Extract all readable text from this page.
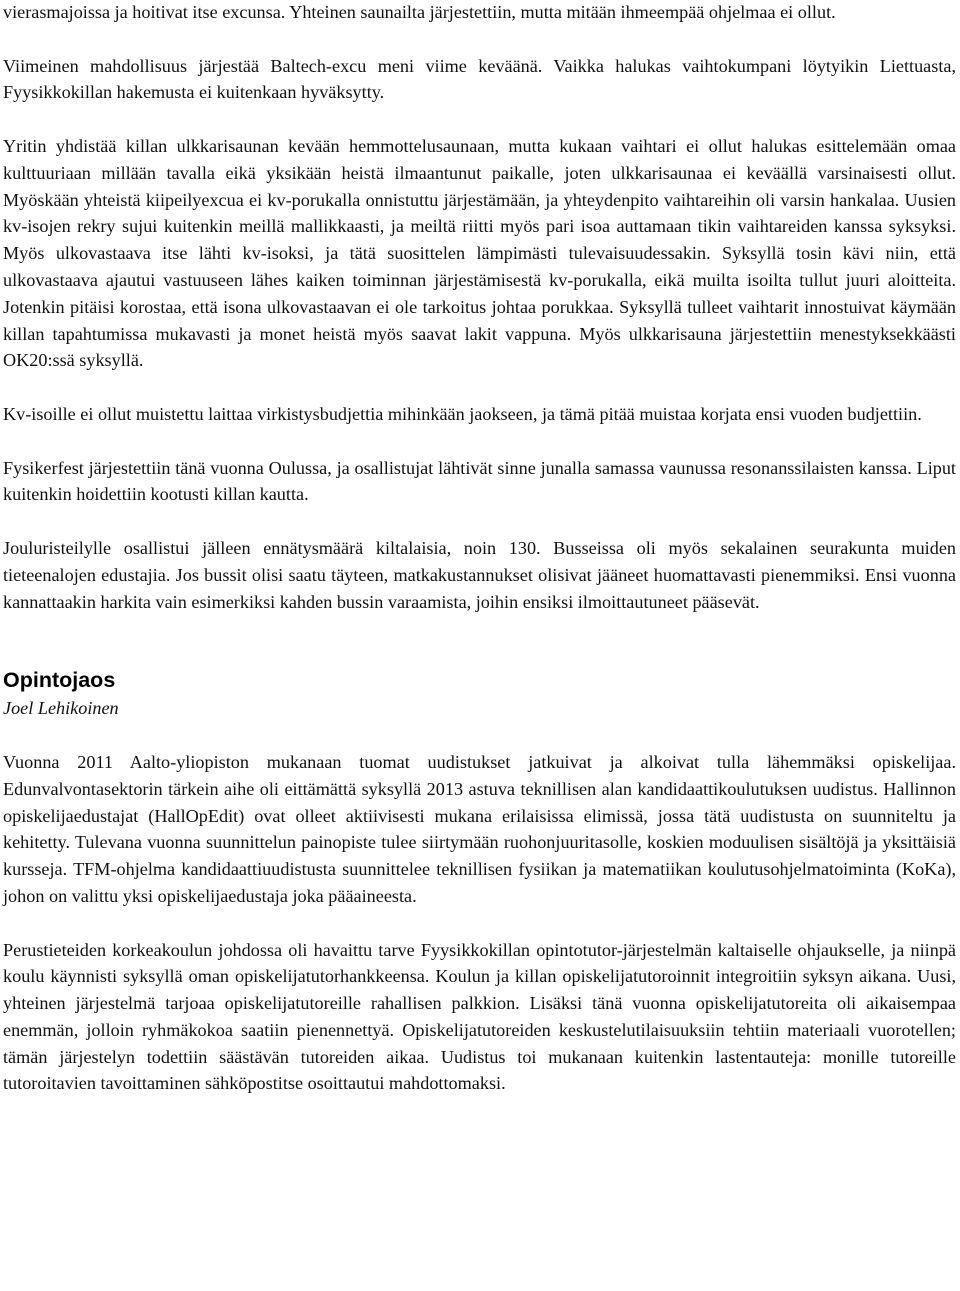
vierasmajoissa ja hoitivat itse excunsa. Yhteinen saunailta järjestettiin, mutta mitään ihmeempää ohjelmaa ei ollut.

Viimeinen mahdollisuus järjestää Baltech-excu meni viime keväänä. Vaikka halukas vaihtokumpani löytyikin Liettuasta, Fyysikkokillan hakemusta ei kuitenkaan hyväksytty.

Yritin yhdistää killan ulkkarisaunan kevään hemmottelusaunaan, mutta kukaan vaihtari ei ollut halukas esittelemään omaa kulttuuriaan millään tavalla eikä yksikään heistä ilmaantunut paikalle, joten ulkkarisaunaa ei keväällä varsinaisesti ollut. Myöskään yhteistä kiipeilyexcua ei kv-porukalla onnistuttu järjestämään, ja yhteydenpito vaihtareihin oli varsin hankalaa. Uusien kv-isojen rekry sujui kuitenkin meillä mallikkaasti, ja meiltä riitti myös pari isoa auttamaan tikin vaihtareiden kanssa syksyksi. Myös ulkovastaava itse lähti kv-isoksi, ja tätä suosittelen lämpimästi tulevaisuudessakin. Syksyllä tosin kävi niin, että ulkovastaava ajautui vastuuseen lähes kaiken toiminnan järjestämisestä kv-porukalla, eikä muilta isoilta tullut juuri aloitteita. Jotenkin pitäisi korostaa, että isona ulkovastaavan ei ole tarkoitus johtaa porukkaa. Syksyllä tulleet vaihtarit innostuivat käymään killan tapahtumissa mukavasti ja monet heistä myös saavat lakit vappuna. Myös ulkkarisauna järjestettiin menestyksekkäästi OK20:ssä syksyllä.

Kv-isoille ei ollut muistettu laittaa virkistysbudjettia mihinkään jaokseen, ja tämä pitää muistaa korjata ensi vuoden budjettiin.

Fysikerfest järjestettiin tänä vuonna Oulussa, ja osallistujat lähtivät sinne junalla samassa vaunussa resonanssilaisten kanssa. Liput kuitenkin hoidettiin kootusti killan kautta.

Jouluristeilylle osallistui jälleen ennätysmäärä kiltalaisia, noin 130. Busseissa oli myös sekalainen seurakunta muiden tieteenalojen edustajia. Jos bussit olisi saatu täyteen, matkakustannukset olisivat jääneet huomattavasti pienemmiksi. Ensi vuonna kannattaakin harkita vain esimerkiksi kahden bussin varaamista, joihin ensiksi ilmoittautuneet pääsevät.

Opintojaos

Joel Lehikoinen

Vuonna 2011 Aalto-yliopiston mukanaan tuomat uudistukset jatkuivat ja alkoivat tulla lähemmäksi opiskelijaa. Edunvalvontasektorin tärkein aihe oli eittämättä syksyllä 2013 astuva teknillisen alan kandidaattikoulutuksen uudistus. Hallinnon opiskelijaedustajat (HallOpEdit) ovat olleet aktiivisesti mukana erilaisissa elimissä, jossa tätä uudistusta on suunniteltu ja kehitetty. Tulevana vuonna suunnittelun painopiste tulee siirtymään ruohonjuuritasolle, koskien moduulisen sisältöjä ja yksittäisiä kursseja. TFM-ohjelma kandidaattiuudistusta suunnittelee teknillisen fysiikan ja matematiikan koulutusohjelmatoiminta (KoKa), johon on valittu yksi opiskelijaedustaja joka pääaineesta.

Perustieteiden korkeakoulun johdossa oli havaittu tarve Fyysikkokillan opintotutor-järjestelmän kaltaiselle ohjaukselle, ja niinpä koulu käynnisti syksyllä oman opiskelijatutorhankkeensa. Koulun ja killan opiskelijatutoroinnit integroitiin syksyn aikana. Uusi, yhteinen järjestelmä tarjoaa opiskelijatutoreille rahallisen palkkion. Lisäksi tänä vuonna opiskelijatutoreita oli aikaisempaa enemmän, jolloin ryhmäkokoa saatiin pienennettyä. Opiskelijatutoreiden keskustelutilaisuuksiin tehtiin materiaali vuorotellen; tämän järjestelyn todettiin säästävän tutoreiden aikaa. Uudistus toi mukanaan kuitenkin lastentauteja: monille tutoreille tutoroitavien tavoittaminen sähköpostitse osoittautui mahdottomaksi.
